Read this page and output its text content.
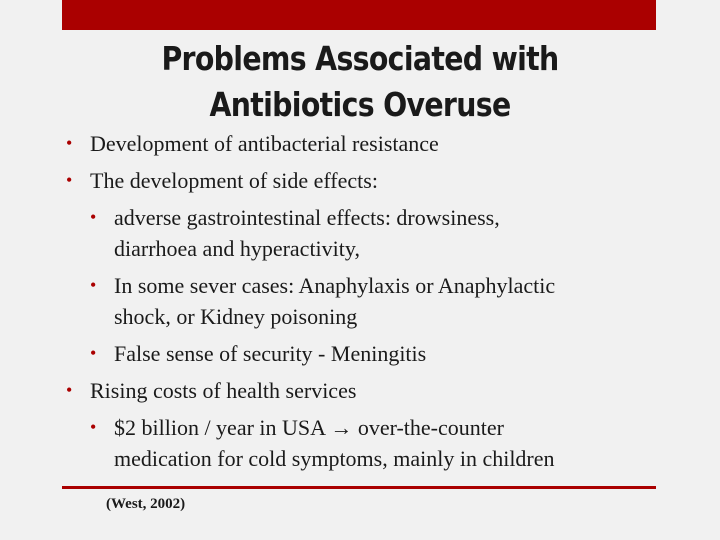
Problems Associated with
Antibiotics Overuse
• Development of antibacterial resistance
• The development of side effects:
• adverse gastrointestinal effects: drowsiness,
diarrhoea and hyperactivity,
• In some sever cases: Anaphylaxis or Anaphylactic
shock, or Kidney poisoning
• False sense of security - Meningitis
• Rising costs of health services
• $2 billion / year in USA → over-the-counter
medication for cold symptoms, mainly in children
(West, 2002)
